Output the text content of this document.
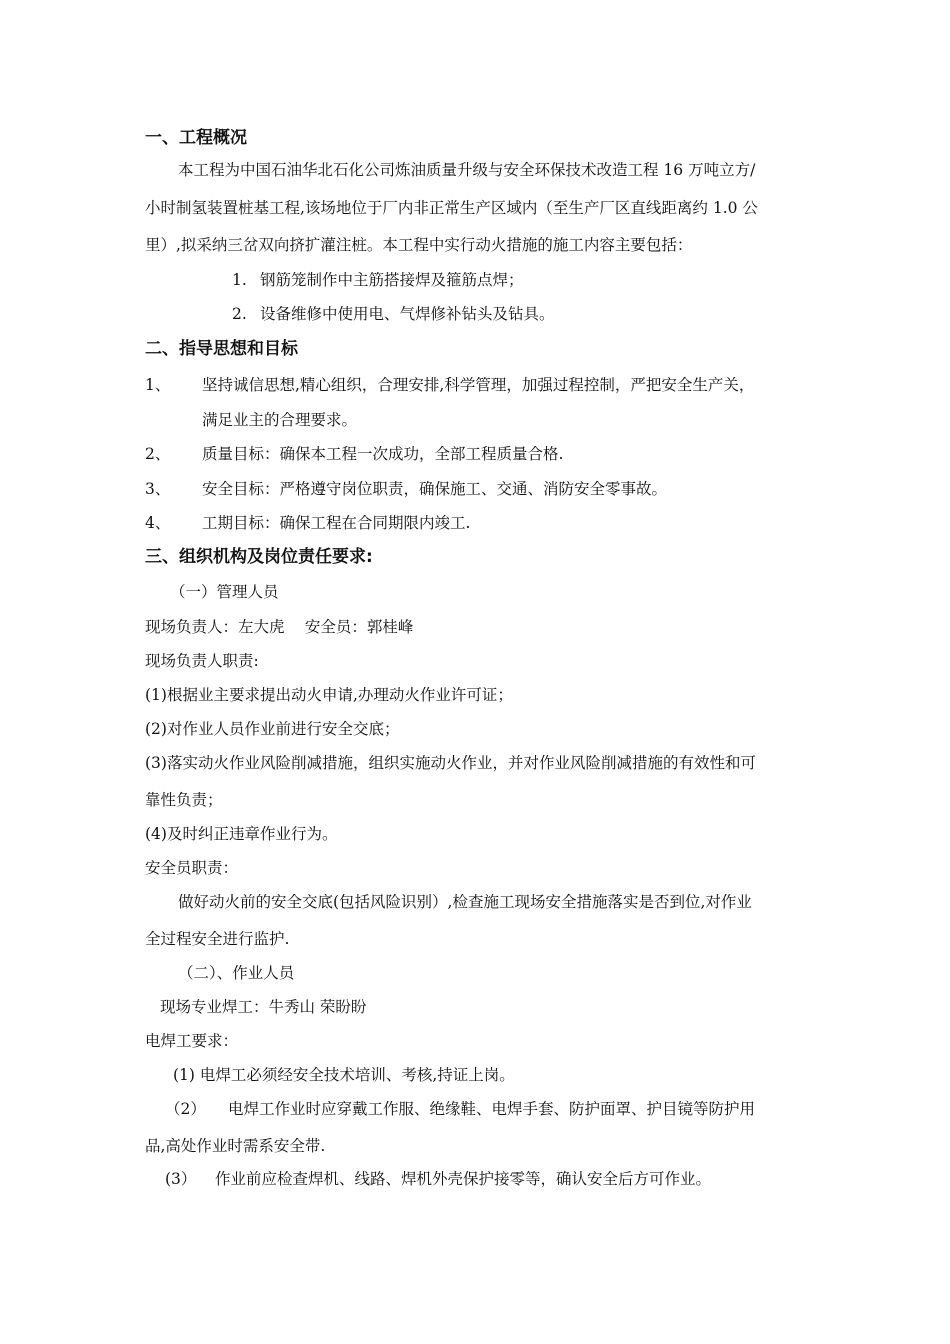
一、工程概况
本工程为中国石油华北石化公司炼油质量升级与安全环保技术改造工程 16 万吨立方/
小时制氢装置桩基工程,该场地位于厂内非正常生产区域内（至生产厂区直线距离约 1.0 公
里）,拟采纳三岔双向挤扩灌注桩。本工程中实行动火措施的施工内容主要包括：
1. 钢筋笼制作中主筋搭接焊及箍筋点焊；
2. 设备维修中使用电、气焊修补钻头及钻具。
二、指导思想和目标
1、 坚持诚信思想,精心组织，合理安排,科学管理，加强过程控制，严把安全生产关，
满足业主的合理要求。
2、 质量目标：确保本工程一次成功，全部工程质量合格.
3、 安全目标：严格遵守岗位职责，确保施工、交通、消防安全零事故。
4、 工期目标：确保工程在合同期限内竣工.
三、组织机构及岗位责任要求:
（一）管理人员
现场负责人：左大虎　 安全员：郭桂峰
现场负责人职责:
(1)根据业主要求提出动火申请,办理动火作业许可证；
(2)对作业人员作业前进行安全交底；
(3)落实动火作业风险削减措施，组织实施动火作业，并对作业风险削减措施的有效性和可
靠性负责；
(4)及时纠正违章作业行为。
安全员职责：
做好动火前的安全交底(包括风险识别）,检查施工现场安全措施落实是否到位,对作业
全过程安全进行监护.
（二）、作业人员
现场专业焊工：牛秀山 荣盼盼
电焊工要求：
(1) 电焊工必须经安全技术培训、考核,持证上岗。
（2） 电焊工作业时应穿戴工作服、绝缘鞋、电焊手套、防护面罩、护目镜等防护用
品,高处作业时需系安全带.
(3） 作业前应检查焊机、线路、焊机外壳保护接零等，确认安全后方可作业。
